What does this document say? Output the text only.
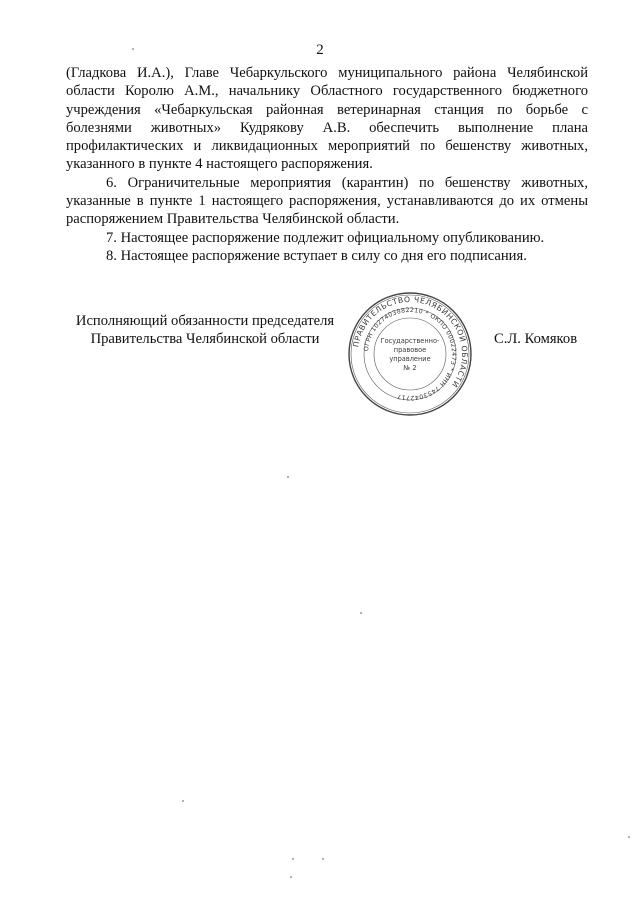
2

(Гладкова И.А.), Главе Чебаркульского муниципального района Челябинской области Королю А.М., начальнику Областного государственного бюджетного учреждения «Чебаркульская районная ветеринарная станция по борьбе с болезнями животных» Кудрякову А.В. обеспечить выполнение плана профилактических и ликвидационных мероприятий по бешенству животных, указанного в пункте 4 настоящего распоряжения.

6. Ограничительные мероприятия (карантин) по бешенству животных, указанные в пункте 1 настоящего распоряжения, устанавливаются до их отмены распоряжением Правительства Челябинской области.

7. Настоящее распоряжение подлежит официальному опубликованию.

8. Настоящее распоряжение вступает в силу со дня его подписания.

Исполняющий обязанности председателя
Правительства Челябинской области	ПРАВИТЕЛЬСТВО ЧЕЛЯБИНСКОЙ ОБЛАСТИ
ОГРН 1027403882210 * ОКПО 00022473 * ИНН 7453042717
Государственно-
правовое
управление
№ 2
С.Л. Комяков
